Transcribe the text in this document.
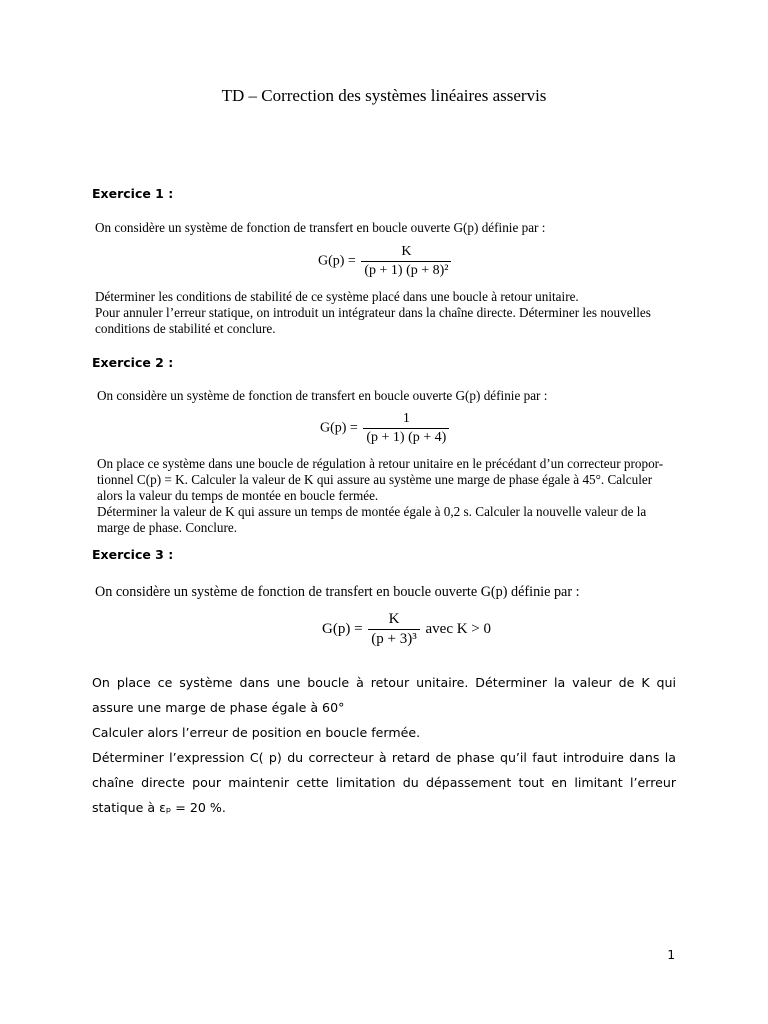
TD – Correction des systèmes linéaires asservis
Exercice 1 :
On considère un système de fonction de transfert en boucle ouverte G(p) définie par :
$G(p) = \frac{K}{\text{(p + 1) (p + 8)²}}$

Déterminer les conditions de stabilité de ce système placé dans une boucle à retour unitaire.

Pour annuler l’erreur statique, on introduit un intégrateur dans la chaîne directe. Déterminer les nouvelles

conditions de stabilité et conclure.

Exercice 2 :
On considère un système de fonction de transfert en boucle ouverte G(p) définie par :
$G(p) = \frac{1}{(p + 1) (p + 4)}$

On place ce système dans une boucle de régulation à retour unitaire en le précédant d’un correcteur propor-

tionnel C(p) = K. Calculer la valeur de K qui assure au système une marge de phase égale à 45°. Calculer

alors la valeur du temps de montée en boucle fermée.

Déterminer la valeur de K qui assure un temps de montée égale à 0,2 s. Calculer la nouvelle valeur de la

marge de phase. Conclure.

Exercice 3 :
On considère un système de fonction de transfert en boucle ouverte G(p) définie par :
$G(p) = \frac{K}{\text{(p + 3)³}}$ avec K > 0

On place ce système dans une boucle à retour unitaire. Déterminer la valeur de K qui assure une marge de phase égale à 60°

Calculer alors l’erreur de position en boucle fermée.

Déterminer l’expression C( p) du correcteur à retard de phase qu’il faut introduire dans la chaîne directe pour maintenir cette limitation du dépassement tout en limitant l’erreur statique à εₚ = 20 %.

1
